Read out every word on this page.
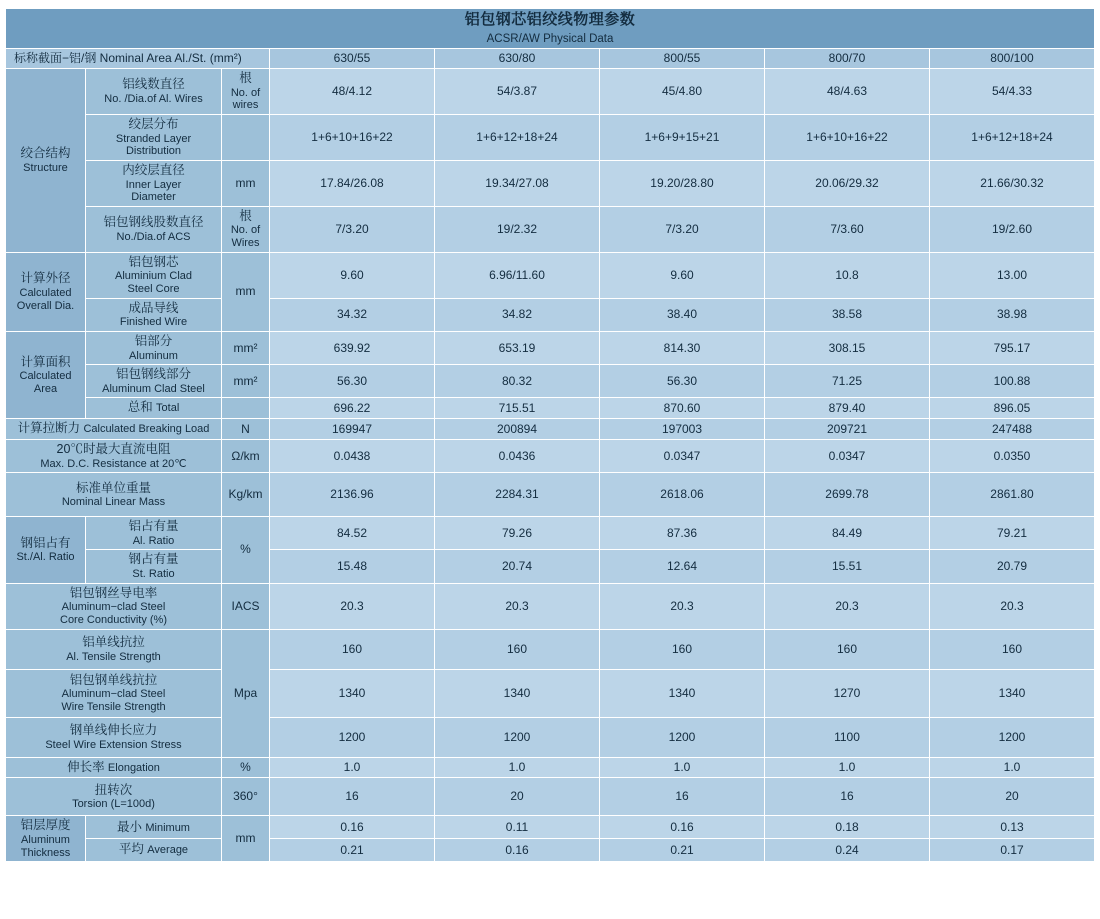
铝包钢芯铝绞线物理参数
ACSR/AW Physical Data							

标称截面−铝/钢 Nominal Area Al./St. (mm²)			630/55	630/80	800/55	800/70	800/100

绞合结构
Structure	铝线数直径
No. /Dia.of Al. Wires	根
No. of
wires	48/4.12	54/3.87	45/4.80	48/4.63	54/4.33

	绞层分布
Stranded Layer
Distribution		1+6+10+16+22	1+6+12+18+24	1+6+9+15+21	1+6+10+16+22	1+6+12+18+24

	内绞层直径
Inner Layer
Diameter	mm	17.84/26.08	19.34/27.08	19.20/28.80	20.06/29.32	21.66/30.32

	铝包钢线股数直径
No./Dia.of ACS	根
No. of
Wires	7/3.20	19/2.32	7/3.20	7/3.60	19/2.60

计算外径
Calculated
Overall Dia.	铝包钢芯
Aluminium Clad
Steel Core	mm	9.60	6.96/11.60	9.60	10.8	13.00

	成品导线
Finished Wire		34.32	34.82	38.40	38.58	38.98

计算面积
Calculated
Area	铝部分
Aluminum	mm²	639.92	653.19	814.30	308.15	795.17

	铝包钢线部分
Aluminum Clad Steel	mm²	56.30	80.32	56.30	71.25	100.88
	总和 Total		696.22	715.51	870.60	879.40	896.05
计算拉断力 Calculated Breaking Load		N	169947	200894	197003	209721	247488

20℃时最大直流电阻
Max. D.C. Resistance at 20℃		Ω/km	0.0438	0.0436	0.0347	0.0347	0.0350

标准单位重量
Nominal Linear Mass		Kg/km	2136.96	2284.31	2618.06	2699.78	2861.80

钢铝占有
St./Al. Ratio	铝占有量
Al. Ratio	%	84.52	79.26	87.36	84.49	79.21

	钢占有量
St. Ratio		15.48	20.74	12.64	15.51	20.79

铝包钢丝导电率
Aluminum−clad Steel
Core Conductivity (%)		IACS	20.3	20.3	20.3	20.3	20.3

铝单线抗拉
Al. Tensile Strength		Mpa	160	160	160	160	160

铝包钢单线抗拉
Aluminum−clad Steel
Wire Tensile Strength			1340	1340	1340	1270	1340

钢单线伸长应力
Steel Wire Extension Stress			1200	1200	1200	1100	1200
伸长率 Elongation		%	1.0	1.0	1.0	1.0	1.0

扭转次
Torsion (L=100d)		360°	16	20	16	16	20

铝层厚度
Aluminum
Thickness	最小 Minimum	mm	0.16	0.11	0.16	0.18	0.13
	平均 Average		0.21	0.16	0.21	0.24	0.17
